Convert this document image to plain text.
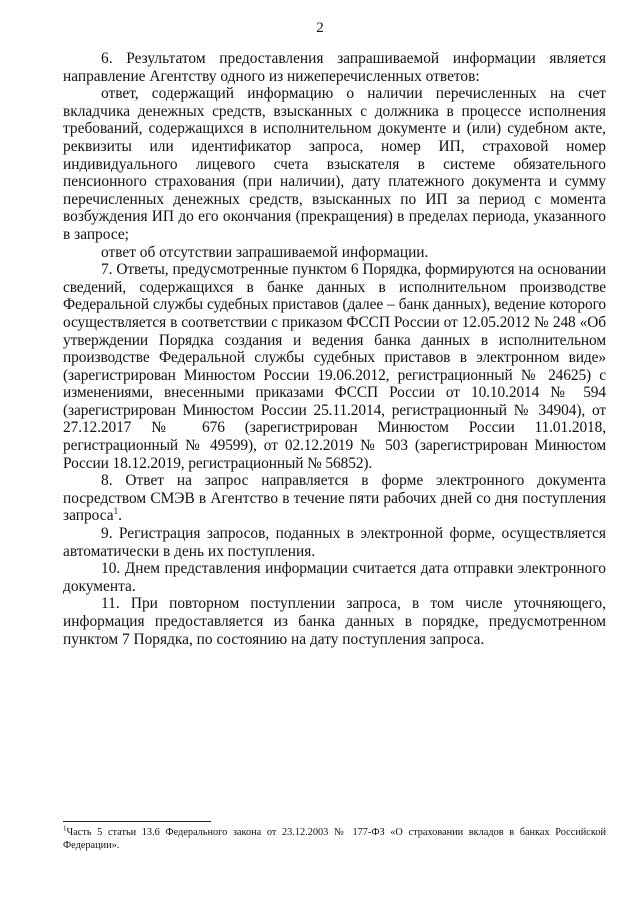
2

6. Результатом предоставления запрашиваемой информации является направление Агентству одного из нижеперечисленных ответов:

ответ, содержащий информацию о наличии перечисленных на счет вкладчика денежных средств, взысканных с должника в процессе исполнения требований, содержащихся в исполнительном документе и (или) судебном акте, реквизиты или идентификатор запроса, номер ИП, страховой номер индивидуального лицевого счета взыскателя в системе обязательного пенсионного страхования (при наличии), дату платежного документа и сумму перечисленных денежных средств, взысканных по ИП за период с момента возбуждения ИП до его окончания (прекращения) в пределах периода, указанного в запросе;

ответ об отсутствии запрашиваемой информации.

7. Ответы, предусмотренные пунктом 6 Порядка, формируются на основании сведений, содержащихся в банке данных в исполнительном производстве Федеральной службы судебных приставов (далее – банк данных), ведение которого осуществляется в соответствии с приказом ФССП России от 12.05.2012 № 248 «Об утверждении Порядка создания и ведения банка данных в исполнительном производстве Федеральной службы судебных приставов в электронном виде» (зарегистрирован Минюстом России 19.06.2012, регистрационный № 24625) с изменениями, внесенными приказами ФССП России от 10.10.2014 № 594 (зарегистрирован Минюстом России 25.11.2014, регистрационный № 34904), от 27.12.2017 № 676 (зарегистрирован Минюстом России 11.01.2018, регистрационный № 49599), от 02.12.2019 № 503 (зарегистрирован Минюстом России 18.12.2019, регистрационный № 56852).

8. Ответ на запрос направляется в форме электронного документа посредством СМЭВ в Агентство в течение пяти рабочих дней со дня поступления запроса$^1$.

9. Регистрация запросов, поданных в электронной форме, осуществляется автоматически в день их поступления.

10. Днем представления информации считается дата отправки электронного документа.

11. При повторном поступлении запроса, в том числе уточняющего, информация предоставляется из банка данных в порядке, предусмотренном пунктом 7 Порядка, по состоянию на дату поступления запроса.

$^1$Часть 5 статьи 13.6 Федерального закона от 23.12.2003 № 177-ФЗ «О страховании вкладов в банках Российской Федерации».
